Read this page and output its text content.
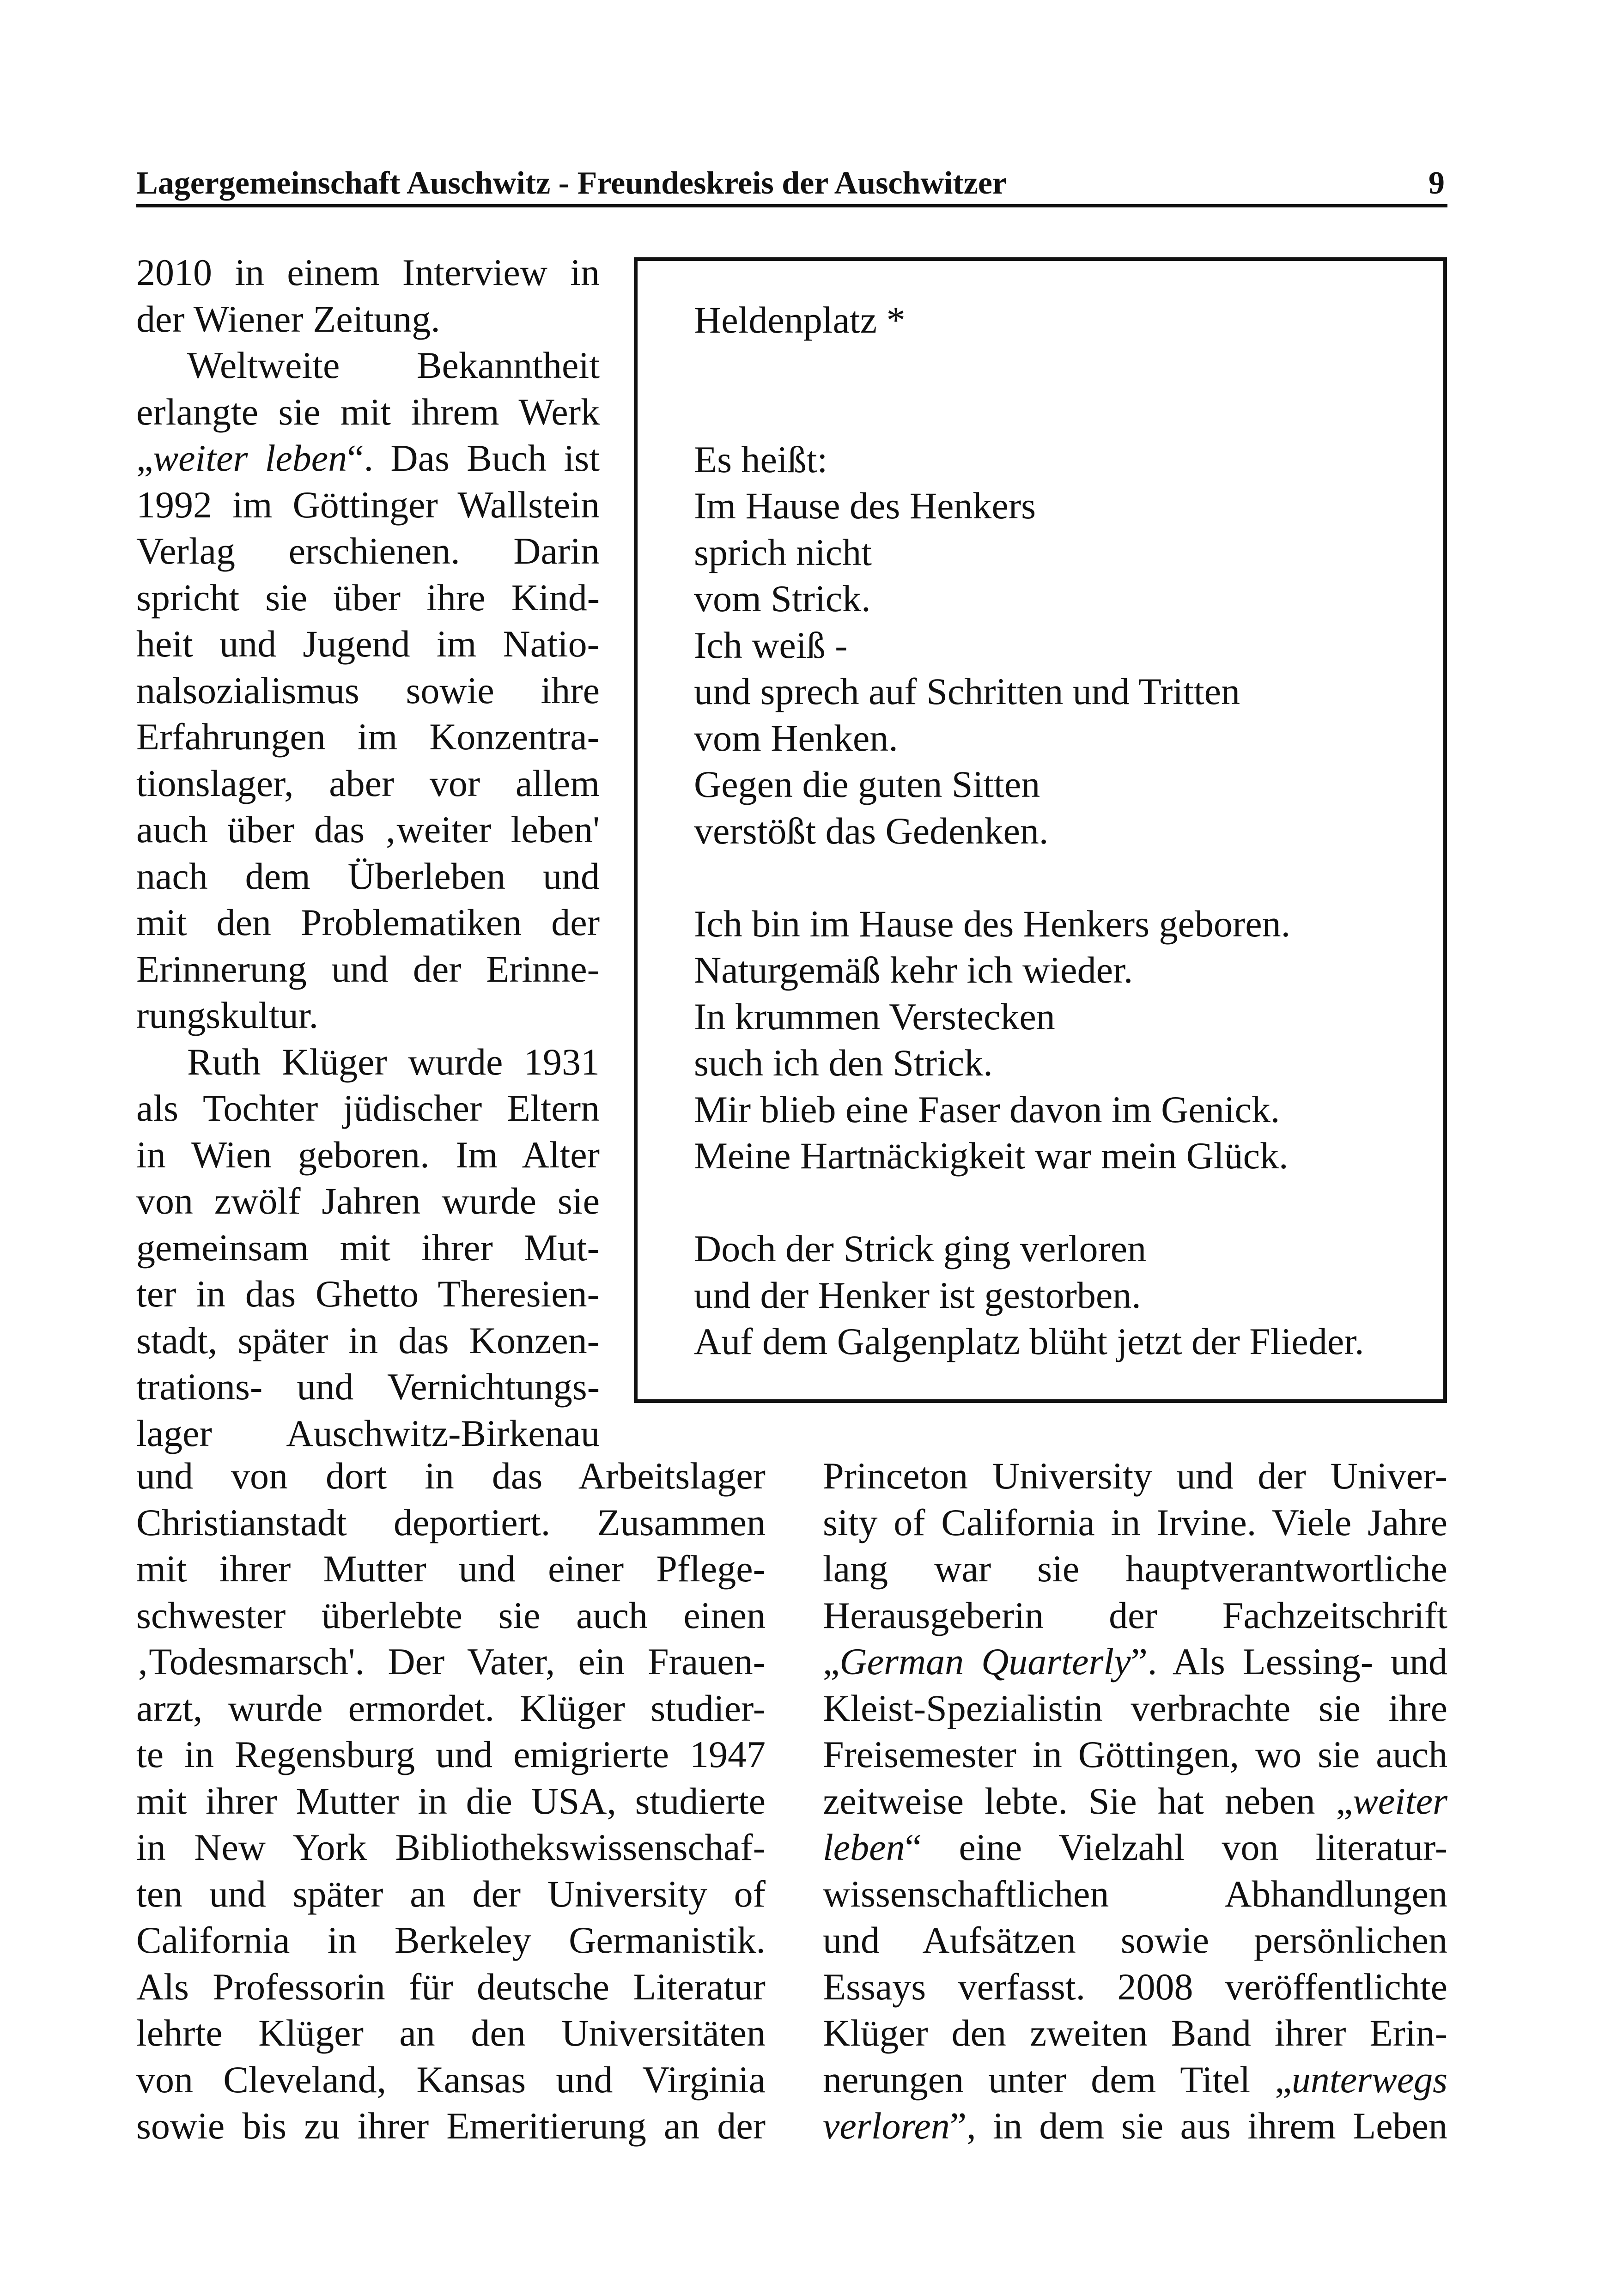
Lagergemeinschaft Auschwitz - Freundeskreis der Auschwitzer	9
2010 in einem Interview in
der Wiener Zeitung.
Weltweite Bekanntheit
erlangte sie mit ihrem Werk
„weiter leben“. Das Buch ist
1992 im Göttinger Wallstein
Verlag erschienen. Darin
spricht sie über ihre Kind-
heit und Jugend im Natio-
nalsozialismus sowie ihre
Erfahrungen im Konzentra-
tionslager, aber vor allem
auch über das ‚weiter leben'
nach dem Überleben und
mit den Problematiken der
Erinnerung und der Erinne-
rungskultur.
Ruth Klüger wurde 1931
als Tochter jüdischer Eltern
in Wien geboren. Im Alter
von zwölf Jahren wurde sie
gemeinsam mit ihrer Mut-
ter in das Ghetto Theresien-
stadt, später in das Konzen-
trations- und Vernichtungs-
lager Auschwitz-Birkenau
Heldenplatz *
Es heißt:
Im Hause des Henkers
sprich nicht
vom Strick.
Ich weiß -
und sprech auf Schritten und Tritten
vom Henken.
Gegen die guten Sitten
verstößt das Gedenken.
Ich bin im Hause des Henkers geboren.
Naturgemäß kehr ich wieder.
In krummen Verstecken
such ich den Strick.
Mir blieb eine Faser davon im Genick.
Meine Hartnäckigkeit war mein Glück.
Doch der Strick ging verloren
und der Henker ist gestorben.
Auf dem Galgenplatz blüht jetzt der Flieder.
und von dort in das Arbeitslager
Christianstadt deportiert. Zusammen
mit ihrer Mutter und einer Pflege-
schwester überlebte sie auch einen
‚Todesmarsch'. Der Vater, ein Frauen-
arzt, wurde ermordet. Klüger studier-
te in Regensburg und emigrierte 1947
mit ihrer Mutter in die USA, studierte
in New York Bibliothekswissenschaf-
ten und später an der University of
California in Berkeley Germanistik.
Als Professorin für deutsche Literatur
lehrte Klüger an den Universitäten
von Cleveland, Kansas und Virginia
sowie bis zu ihrer Emeritierung an der
Princeton University und der Univer-
sity of California in Irvine. Viele Jahre
lang war sie hauptverantwortliche
Herausgeberin der Fachzeitschrift
„German Quarterly”. Als Lessing- und
Kleist-Spezialistin verbrachte sie ihre
Freisemester in Göttingen, wo sie auch
zeitweise lebte. Sie hat neben „weiter
leben“ eine Vielzahl von literatur-
wissenschaftlichen Abhandlungen
und Aufsätzen sowie persönlichen
Essays verfasst. 2008 veröffentlichte
Klüger den zweiten Band ihrer Erin-
nerungen unter dem Titel „unterwegs
verloren”, in dem sie aus ihrem Leben
